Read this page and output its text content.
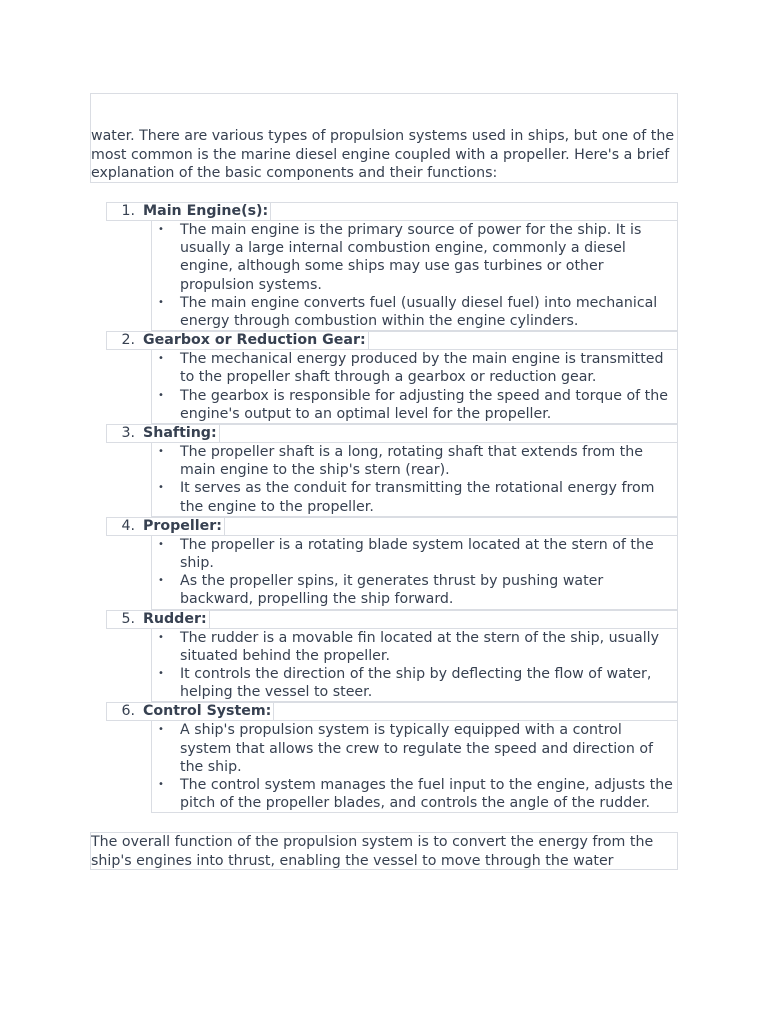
water. There are various types of propulsion systems used in ships, but one of the most common is the marine diesel engine coupled with a propeller. Here's a brief explanation of the basic components and their functions:

1. Main Engine(s):
• The main engine is the primary source of power for the ship. It is usually a large internal combustion engine, commonly a diesel engine, although some ships may use gas turbines or other propulsion systems.
• The main engine converts fuel (usually diesel fuel) into mechanical energy through combustion within the engine cylinders.
2. Gearbox or Reduction Gear:
• The mechanical energy produced by the main engine is transmitted to the propeller shaft through a gearbox or reduction gear.
• The gearbox is responsible for adjusting the speed and torque of the engine's output to an optimal level for the propeller.
3. Shafting:
• The propeller shaft is a long, rotating shaft that extends from the main engine to the ship's stern (rear).
• It serves as the conduit for transmitting the rotational energy from the engine to the propeller.
4. Propeller:
• The propeller is a rotating blade system located at the stern of the ship.
• As the propeller spins, it generates thrust by pushing water backward, propelling the ship forward.
5. Rudder:
• The rudder is a movable fin located at the stern of the ship, usually situated behind the propeller.
• It controls the direction of the ship by deflecting the flow of water, helping the vessel to steer.
6. Control System:
• A ship's propulsion system is typically equipped with a control system that allows the crew to regulate the speed and direction of the ship.
• The control system manages the fuel input to the engine, adjusts the pitch of the propeller blades, and controls the angle of the rudder.

The overall function of the propulsion system is to convert the energy from the ship's engines into thrust, enabling the vessel to move through the water
